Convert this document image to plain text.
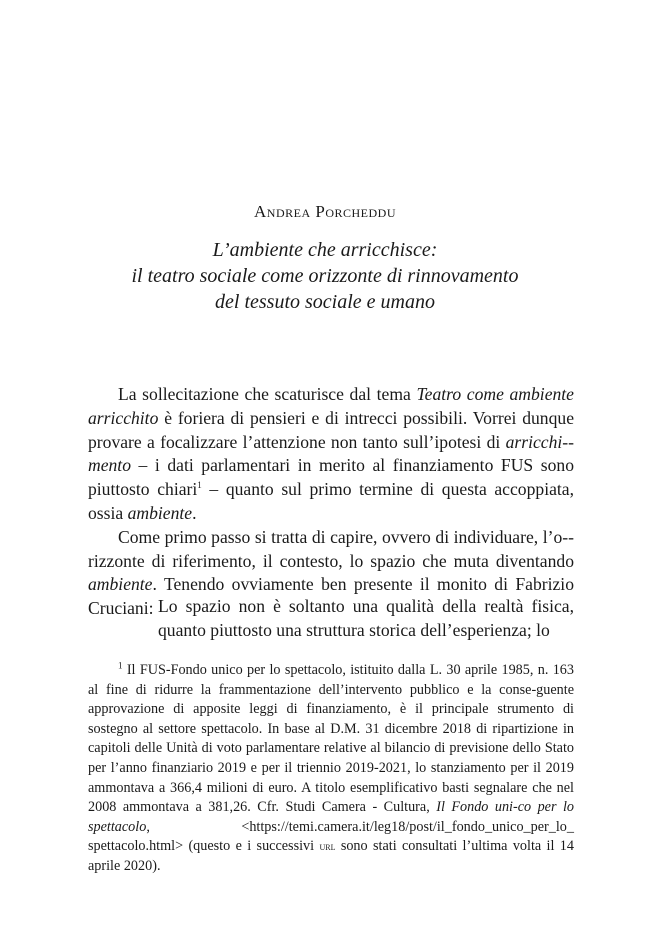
Andrea Porcheddu
L’ambiente che arricchisce:
il teatro sociale come orizzonte di rinnovamento
del tessuto sociale e umano

La sollecitazione che scaturisce dal tema Teatro come ambiente arricchito è foriera di pensieri e di intrecci possibili. Vorrei dunque provare a focalizzare l’attenzione non tanto sull’ipotesi di arricchi-mento – i dati parlamentari in merito al finanziamento FUS sono piuttosto chiari$^1$ – quanto sul primo termine di questa accoppiata, ossia ambiente.

Come primo passo si tratta di capire, ovvero di individuare, l’o-rizzonte di riferimento, il contesto, lo spazio che muta diventando ambiente. Tenendo ovviamente ben presente il monito di Fabrizio Cruciani: Lo spazio non è soltanto una qualità della realtà fisica, quanto piuttosto una struttura storica dell’esperienza; lo

$^1$ Il FUS-Fondo unico per lo spettacolo, istituito dalla L. 30 aprile 1985, n. 163 al fine di ridurre la frammentazione dell’intervento pubblico e la conse-guente approvazione di apposite leggi di finanziamento, è il principale strumento di sostegno al settore spettacolo. In base al D.M. 31 dicembre 2018 di ripartizione in capitoli delle Unità di voto parlamentare relative al bilancio di previsione dello Stato per l’anno finanziario 2019 e per il triennio 2019-2021, lo stanziamento per il 2019 ammontava a 366,4 milioni di euro. A titolo esemplificativo basti segnalare che nel 2008 ammontava a 381,26. Cfr. Studi Camera - Cultura, Il Fondo uni-co per lo spettacolo, <https://temi.camera.it/leg18/post/il_fondo_unico_per_lo_ spettacolo.html> (questo e i successivi url sono stati consultati l’ultima volta il 14 aprile 2020).
